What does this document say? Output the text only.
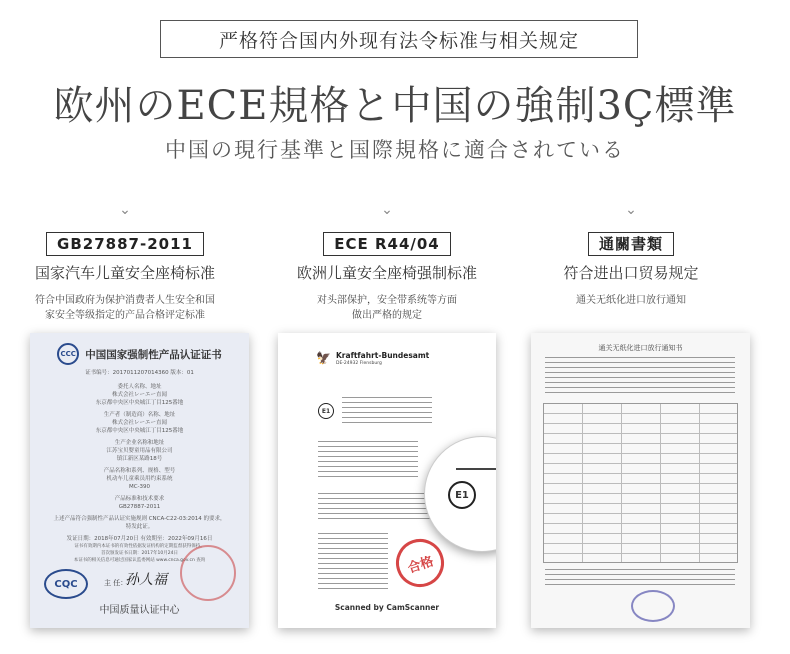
严格符合国内外现有法令标准与相关规定
欧州のECE規格と中国の強制3Ç標準
中国の現行基準と国際規格に適合されている
⌄
GB27887-2011
国家汽车儿童安全座椅标准
符合中国政府为保护消费者人生安全和国
家安全等级指定的产品合格评定标准
⌄
ECE R44/04
欧洲儿童安全座椅强制标准
对头部保护，安全带系统等方面
做出严格的规定
⌄
通關書類
符合进出口贸易规定
通关无纸化进口放行通知
CCC 中国国家强制性产品认证证书
证书编号：2017011207014360 版本：01
委托人名称、地址
株式会社レーエー直闻
东京都中央区中央城江丁目125番地
生产者（制造商）名称、地址
株式会社レーエー直闻
东京都中央区中央城江丁目125番地
生产企业名称和地址
江苏宝贝婴童用品有限公司
镇江新区某路18号
产品名称和系列、规格、型号
机动车儿童乘员用约束系统
MC-390
产品标准和技术要求
GB27887-2011
上述产品符合强制性产品认证实施规则 CNCA-C22-03:2014 的要求，
特发此证。
发证日期：2018年07月20日 有效期至：2022年09月16日
证书有效期内本证书的有效性依据发证机构的定期监督获得保持。
首次颁发证书日期：2017年10月24日
本证书的相关信息可通过国家认监委网站 www.cnca.gov.cn 查询
CQC	主 任：
孙人福
中国质量认证中心
🦅 Kraftfahrt-Bundesamt
DE-24932 Flensburg
E1
E1
合格
Scanned by CamScanner
通关无纸化进口放行通知书
